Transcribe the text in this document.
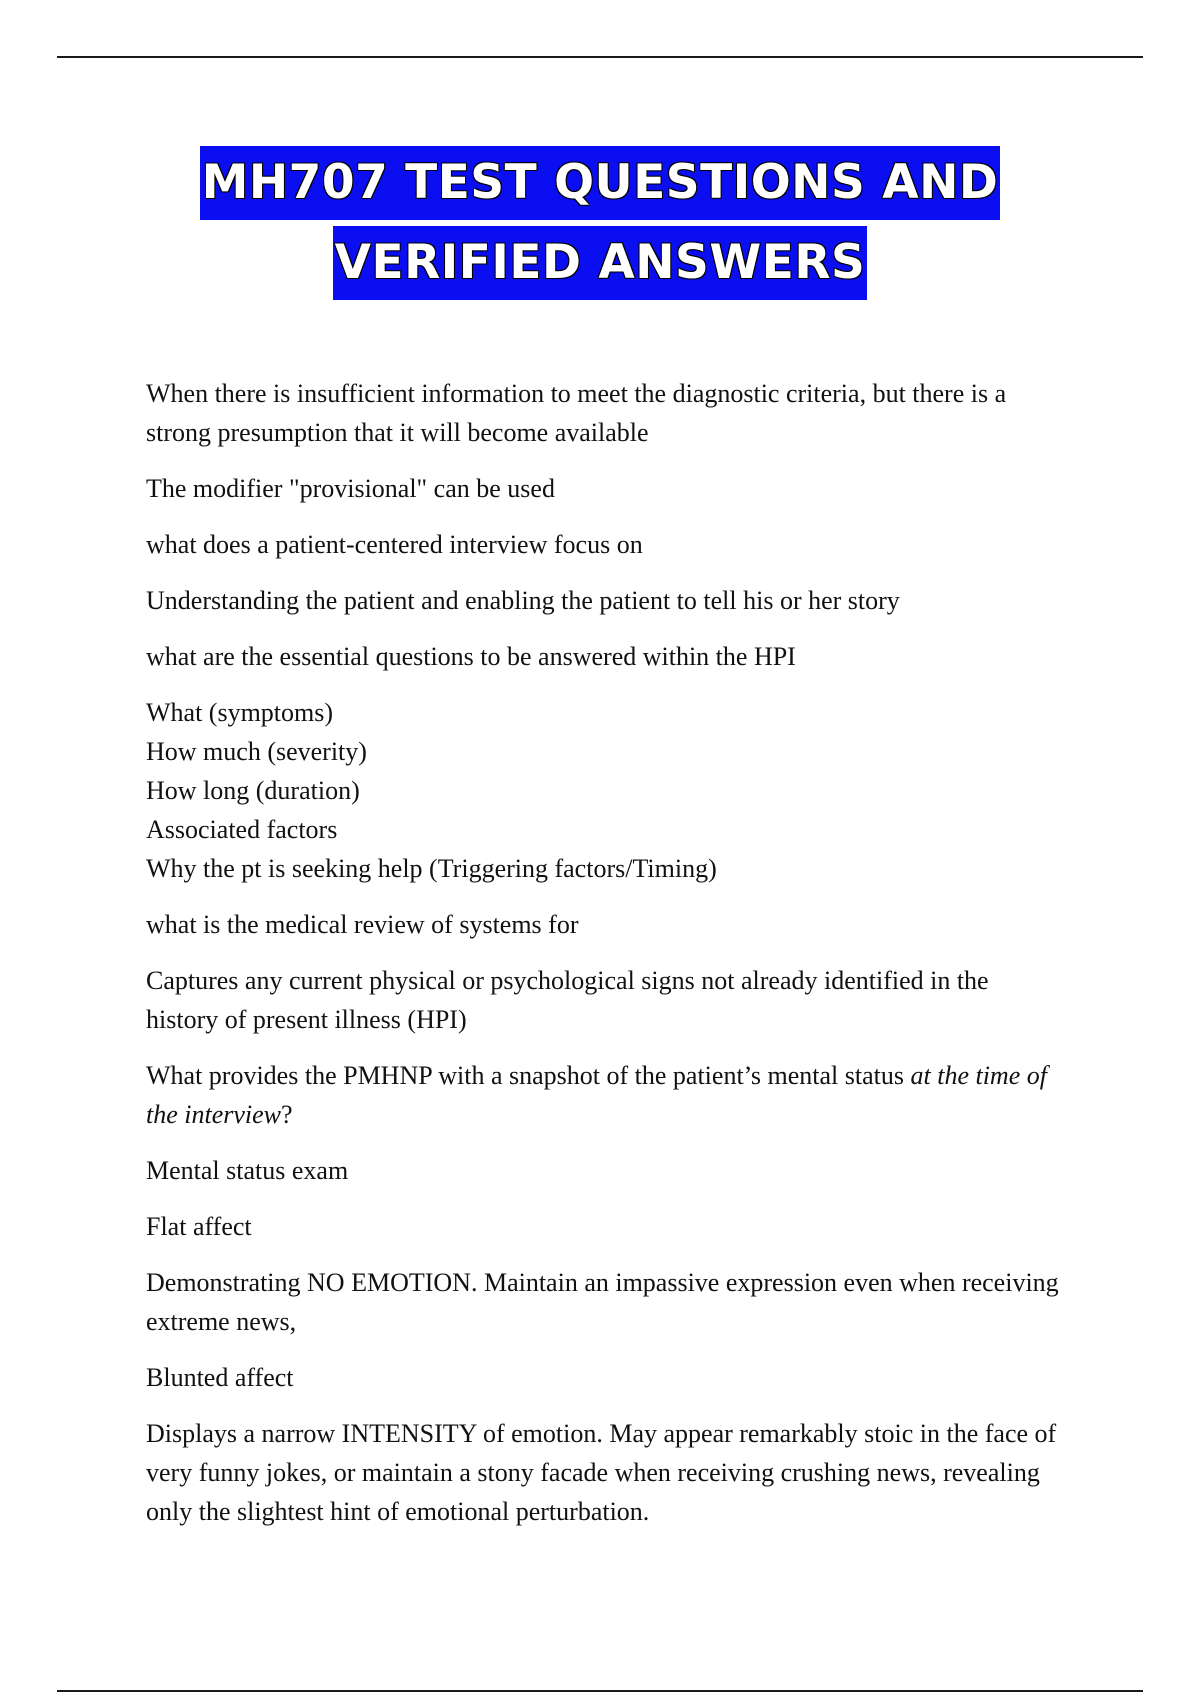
MH707 TEST QUESTIONS AND
VERIFIED ANSWERS

When there is insufficient information to meet the diagnostic criteria, but there is a strong presumption that it will become available

The modifier "provisional" can be used

what does a patient-centered interview focus on

Understanding the patient and enabling the patient to tell his or her story

what are the essential questions to be answered within the HPI

What (symptoms)
How much (severity)
How long (duration)
Associated factors
Why the pt is seeking help (Triggering factors/Timing)

what is the medical review of systems for

Captures any current physical or psychological signs not already identified in the history of present illness (HPI)

What provides the PMHNP with a snapshot of the patient’s mental status at the time of the interview?

Mental status exam

Flat affect

Demonstrating NO EMOTION. Maintain an impassive expression even when receiving extreme news,

Blunted affect

Displays a narrow INTENSITY of emotion. May appear remarkably stoic in the face of very funny jokes, or maintain a stony facade when receiving crushing news, revealing only the slightest hint of emotional perturbation.
